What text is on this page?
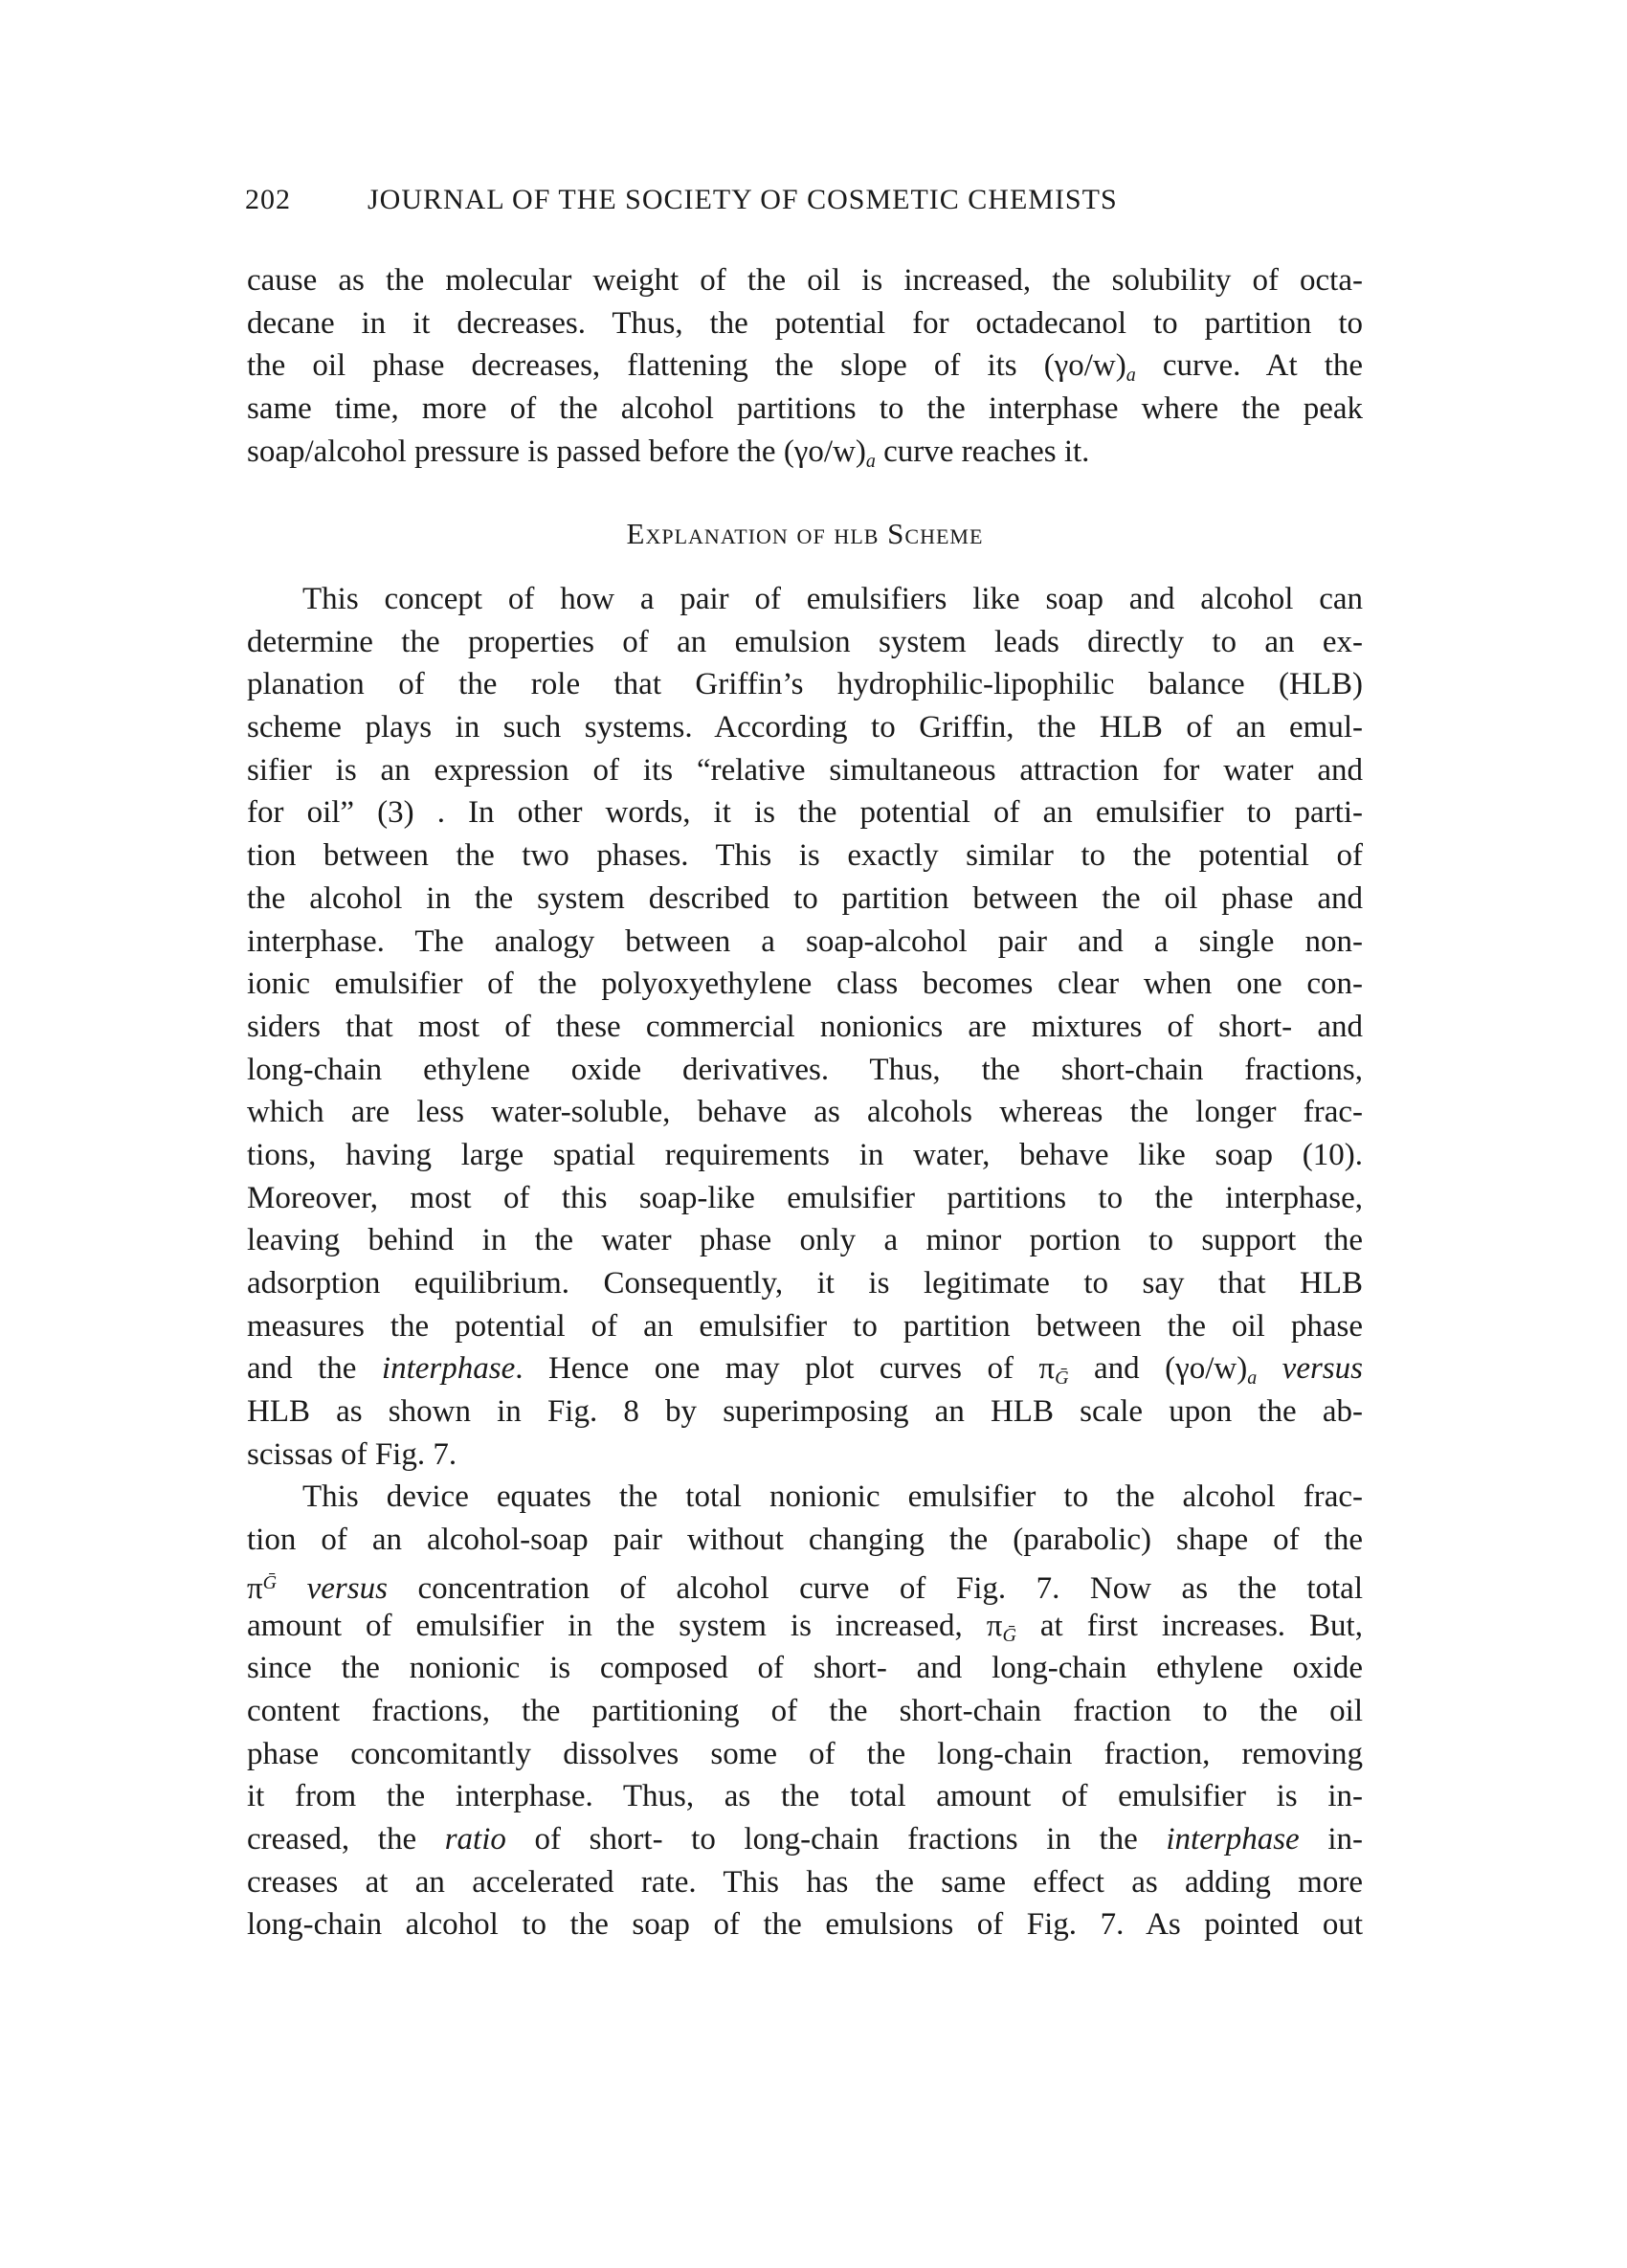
202	JOURNAL OF THE SOCIETY OF COSMETIC CHEMISTS
cause as the molecular weight of the oil is increased, the solubility of octa-
decane in it decreases. Thus, the potential for octadecanol to partition to
the oil phase decreases, flattening the slope of its $(\gamma o/w)_a$ curve. At the
same time, more of the alcohol partitions to the interphase where the peak
soap/alcohol pressure is passed before the $(\gamma o/w)_a$ curve reaches it.
Explanation of hlb Scheme
This concept of how a pair of emulsifiers like soap and alcohol can
determine the properties of an emulsion system leads directly to an ex-
planation of the role that Griffin’s hydrophilic-lipophilic balance (HLB)
scheme plays in such systems. According to Griffin, the HLB of an emul-
sifier is an expression of its “relative simultaneous attraction for water and
for oil” (3) . In other words, it is the potential of an emulsifier to parti-
tion between the two phases. This is exactly similar to the potential of
the alcohol in the system described to partition between the oil phase and
interphase. The analogy between a soap-alcohol pair and a single non-
ionic emulsifier of the polyoxyethylene class becomes clear when one con-
siders that most of these commercial nonionics are mixtures of short- and
long-chain ethylene oxide derivatives. Thus, the short-chain fractions,
which are less water-soluble, behave as alcohols whereas the longer frac-
tions, having large spatial requirements in water, behave like soap (10).
Moreover, most of this soap-like emulsifier partitions to the interphase,
leaving behind in the water phase only a minor portion to support the
adsorption equilibrium. Consequently, it is legitimate to say that HLB
measures the potential of an emulsifier to partition between the oil phase
and the interphase. Hence one may plot curves of $\pi_Ḡ$ and $(\gamma o/w)_a$ versus
HLB as shown in Fig. 8 by superimposing an HLB scale upon the ab-
scissas of Fig. 7.
This device equates the total nonionic emulsifier to the alcohol frac-
tion of an alcohol-soap pair without changing the (parabolic) shape of the
$\pi^Ḡ$ versus concentration of alcohol curve of Fig. 7. Now as the total
amount of emulsifier in the system is increased, $\pi_Ḡ$ at first increases. But,
since the nonionic is composed of short- and long-chain ethylene oxide
content fractions, the partitioning of the short-chain fraction to the oil
phase concomitantly dissolves some of the long-chain fraction, removing
it from the interphase. Thus, as the total amount of emulsifier is in-
creased, the ratio of short- to long-chain fractions in the interphase in-
creases at an accelerated rate. This has the same effect as adding more
long-chain alcohol to the soap of the emulsions of Fig. 7. As pointed out
